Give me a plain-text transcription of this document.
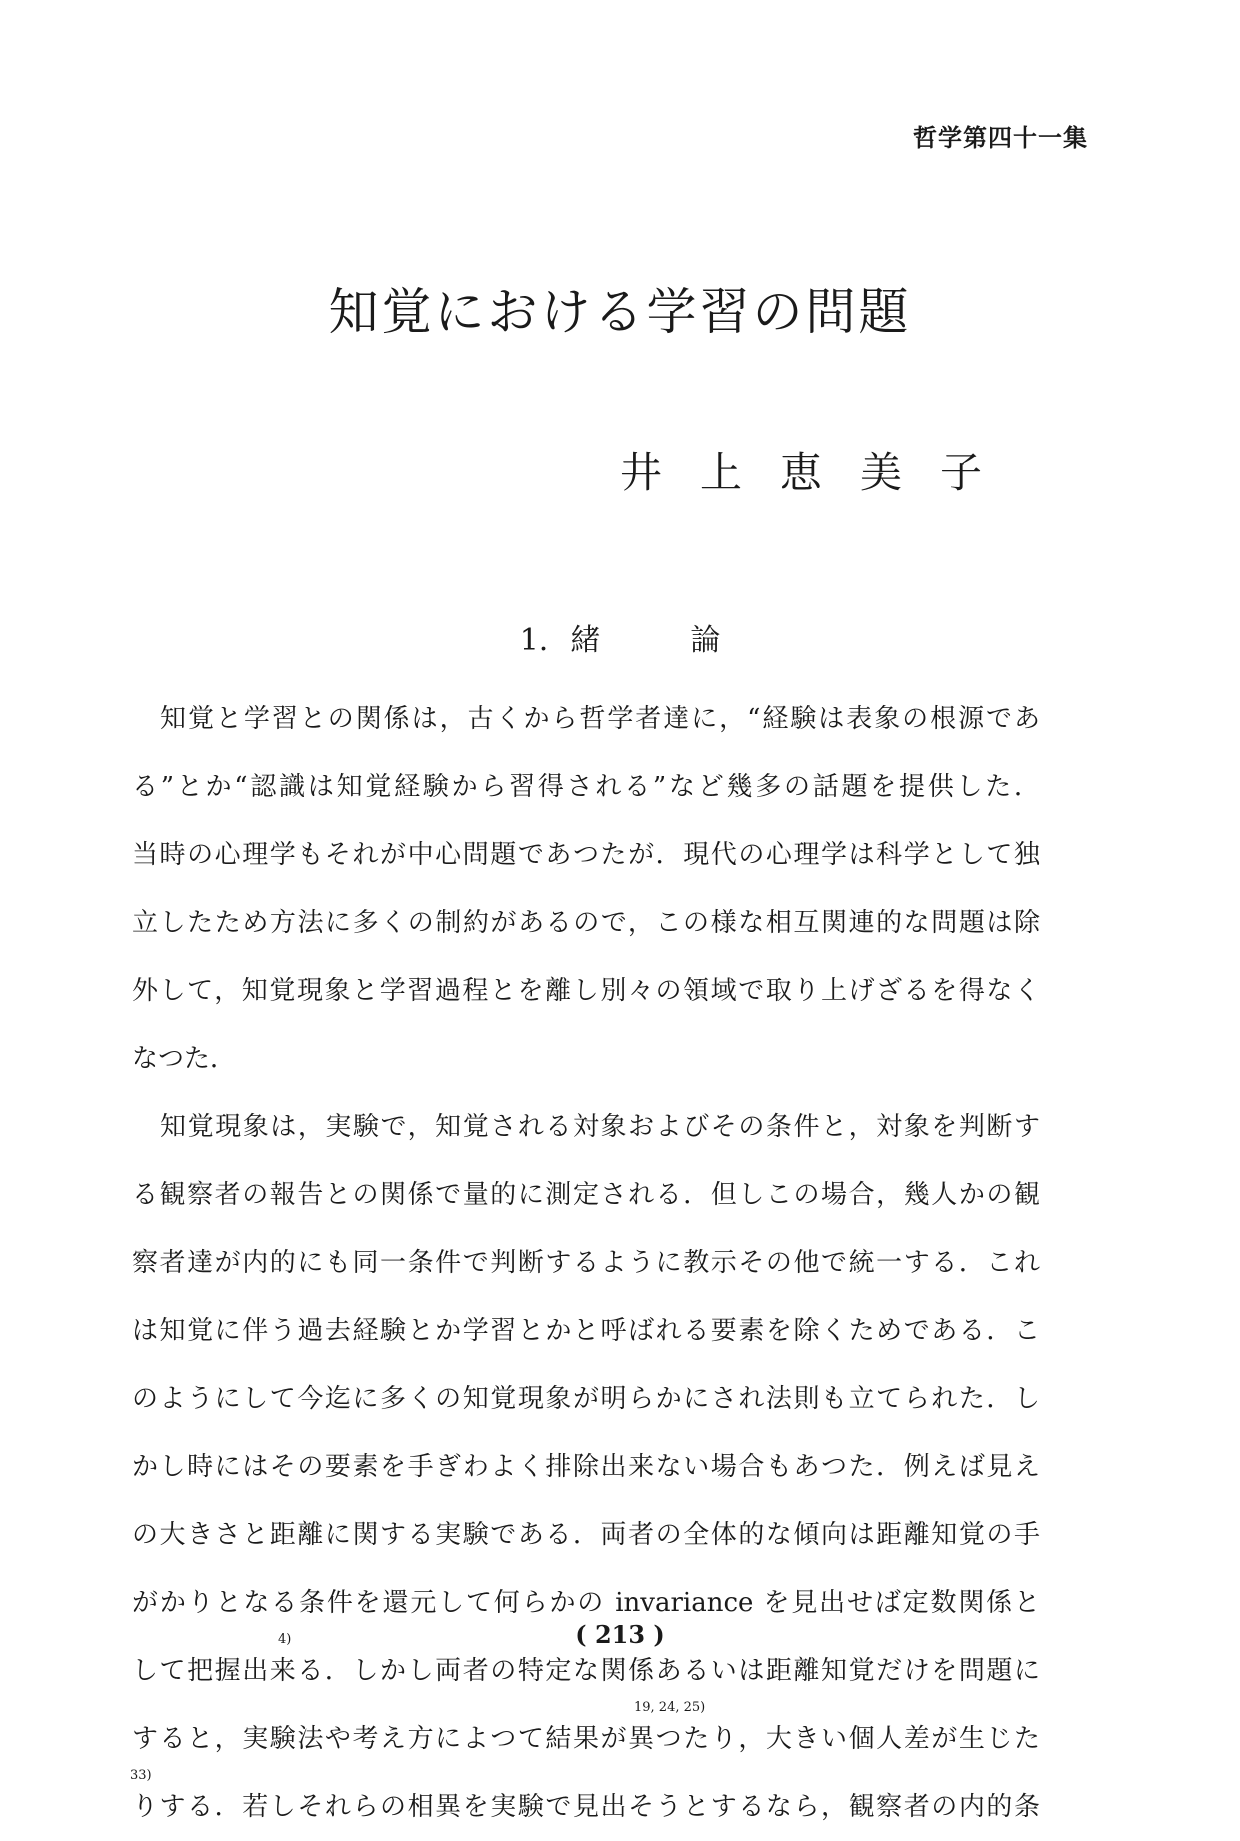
哲学第四十一集
知覚における学習の問題
井上恵美子
1. 緒	論
知覚と学習との関係は，古くから哲学者達に，“経験は表象の根源であ
る”とか“認識は知覚経験から習得される”など幾多の話題を提供した．
当時の心理学もそれが中心問題であつたが．現代の心理学は科学として独
立したため方法に多くの制約があるので，この様な相互関連的な問題は除
外して，知覚現象と学習過程とを離し別々の領域で取り上げざるを得なく
なつた．
知覚現象は，実験で，知覚される対象およびその条件と，対象を判断す
る観察者の報告との関係で量的に測定される．但しこの場合，幾人かの観
察者達が内的にも同一条件で判断するように教示その他で統一する．これ
は知覚に伴う過去経験とか学習とかと呼ばれる要素を除くためである．こ
のようにして今迄に多くの知覚現象が明らかにされ法則も立てられた．し
かし時にはその要素を手ぎわよく排除出来ない場合もあつた．例えば見え
の大きさと距離に関する実験である．両者の全体的な傾向は距離知覚の手
がかりとなる条件を還元して何らかの invariance を見出せば定数関係と
4)
して把握出来る．しかし両者の特定な関係あるいは距離知覚だけを問題に
19, 24, 25)
すると，実験法や考え方によつて結果が異つたり，大きい個人差が生じた
33)
りする．若しそれらの相異を実験で見出そうとするなら，観察者の内的条
( 213 )
